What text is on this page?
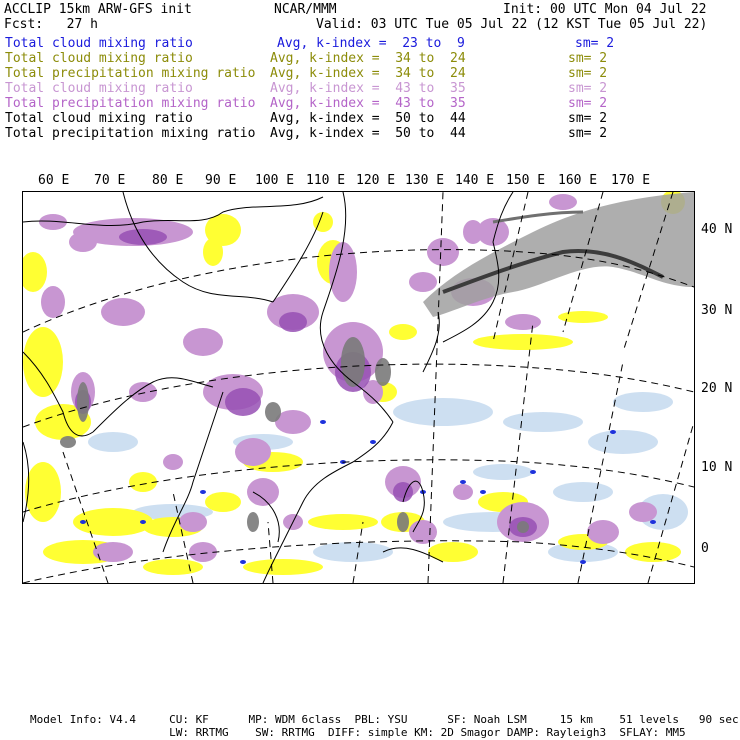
ACCLIP 15km ARW-GFS init	NCAR/MMM	Init: 00 UTC Mon 04 Jul 22
Fcst:   27 h	Valid: 03 UTC Tue 05 Jul 22 (12 KST Tue 05 Jul 22)
Total cloud mixing ratio	Avg, k-index =  23 to  9	sm= 2
Total cloud mixing ratio	Avg, k-index =  34 to  24	sm= 2
Total precipitation mixing ratio Avg, k-index =  34 to  24	sm= 2
Total cloud mixing ratio	Avg, k-index =  43 to  35	sm= 2
Total precipitation mixing ratio Avg, k-index =  43 to  35	sm= 2
Total cloud mixing ratio	Avg, k-index =  50 to  44	sm= 2
Total precipitation mixing ratio Avg, k-index =  50 to  44	sm= 2
60 E 70 E 80 E 90 E 100 E 110 E 120 E 130 E 140 E 150 E 160 E 170 E
40 N
30 N
20 N
10 N
0
Model Info: V4.4     CU: KF      MP: WDM 6class  PBL: YSU      SF: Noah LSM     15 km    51 levels   90 sec
LW: RRTMG    SW: RRTMG  DIFF: simple KM: 2D Smagor DAMP: Rayleigh3  SFLAY: MM5
